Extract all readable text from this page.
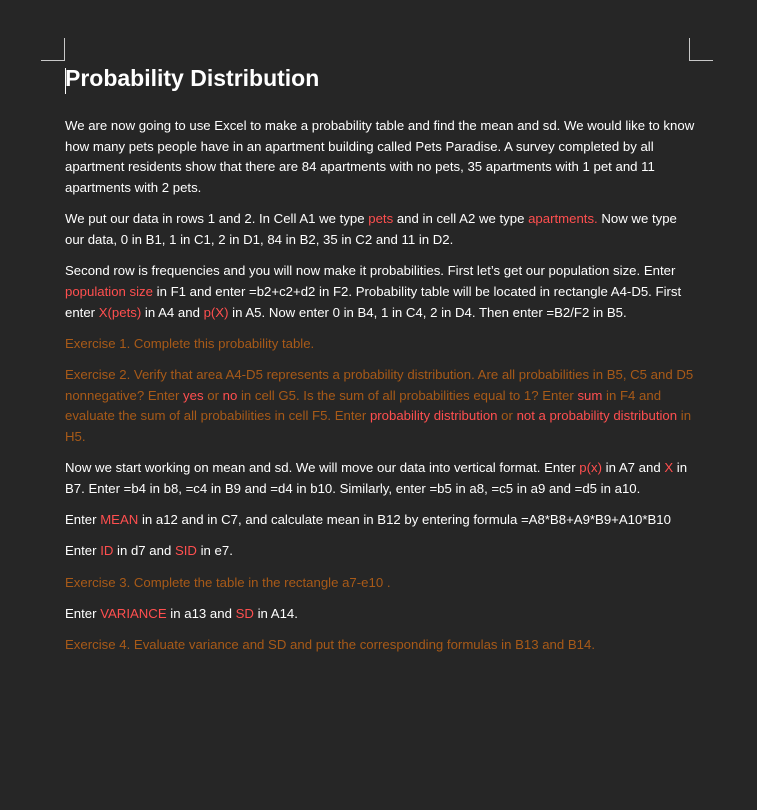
Probability Distribution

We are now going to use Excel to make a probability table and find the mean and sd. We would like to know how many pets people have in an apartment building called Pets Paradise. A survey completed by all apartment residents show that there are 84 apartments with no pets, 35 apartments with 1 pet and 11 apartments with 2 pets.

We put our data in rows 1 and 2. In Cell A1 we type pets and in cell A2 we type apartments. Now we type our data, 0 in B1, 1 in C1, 2 in D1, 84 in B2, 35 in C2 and 11 in D2.

Second row is frequencies and you will now make it probabilities. First let’s get our population size. Enter population size in F1 and enter =b2+c2+d2 in F2. Probability table will be located in rectangle A4-D5. First enter X(pets) in A4 and p(X) in A5. Now enter 0 in B4, 1 in C4, 2 in D4. Then enter =B2/F2 in B5.

Exercise 1. Complete this probability table.

Exercise 2. Verify that area A4-D5 represents a probability distribution. Are all probabilities in B5, C5 and D5 nonnegative? Enter yes or no in cell G5. Is the sum of all probabilities equal to 1? Enter sum in F4 and evaluate the sum of all probabilities in cell F5. Enter probability distribution or not a probability distribution in H5.

Now we start working on mean and sd. We will move our data into vertical format. Enter p(x) in A7 and X in B7. Enter =b4 in b8, =c4 in B9 and =d4 in b10. Similarly, enter =b5 in a8, =c5 in a9 and =d5 in a10.

Enter MEAN in a12 and in C7, and calculate mean in B12 by entering formula =A8*B8+A9*B9+A10*B10

Enter ID in d7 and SID in e7.

Exercise 3. Complete the table in the rectangle a7-e10 .

Enter VARIANCE in a13 and SD in A14.

Exercise 4. Evaluate variance and SD and put the corresponding formulas in B13 and B14.
